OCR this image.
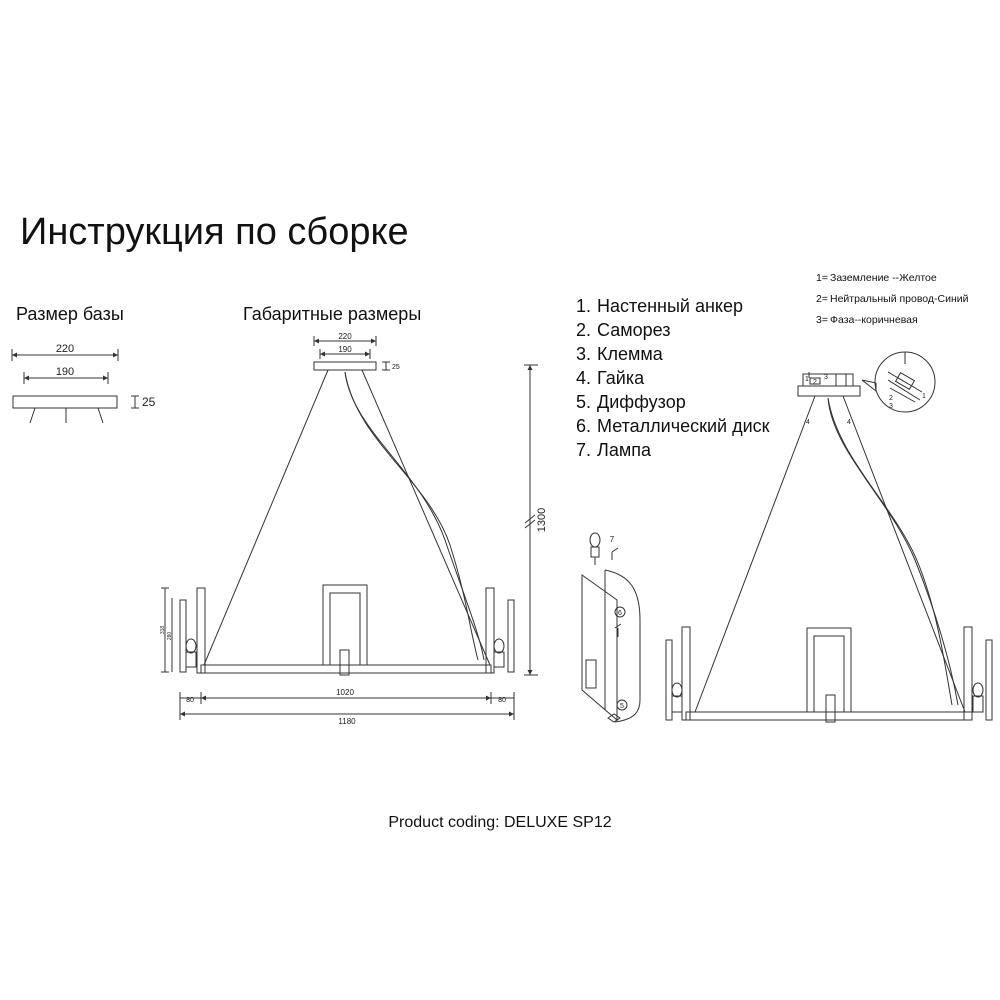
Инструкция по сборке
Размер базы	Габаритные размеры	1. Настенный анкер
2. Саморез
3. Клемма
4. Гайка
5. Диффузор
6. Металлический диск
7. Лампа
1= Заземление --Желтое
2= Нейтральный провод-Синий
3= Фаза--коричневая
220
190
25
220
190
25
1300
318
280
80
1020
80
1180
7
6
5
1 2
3
4	4
2
3
1
Product coding: DELUXE SP12
